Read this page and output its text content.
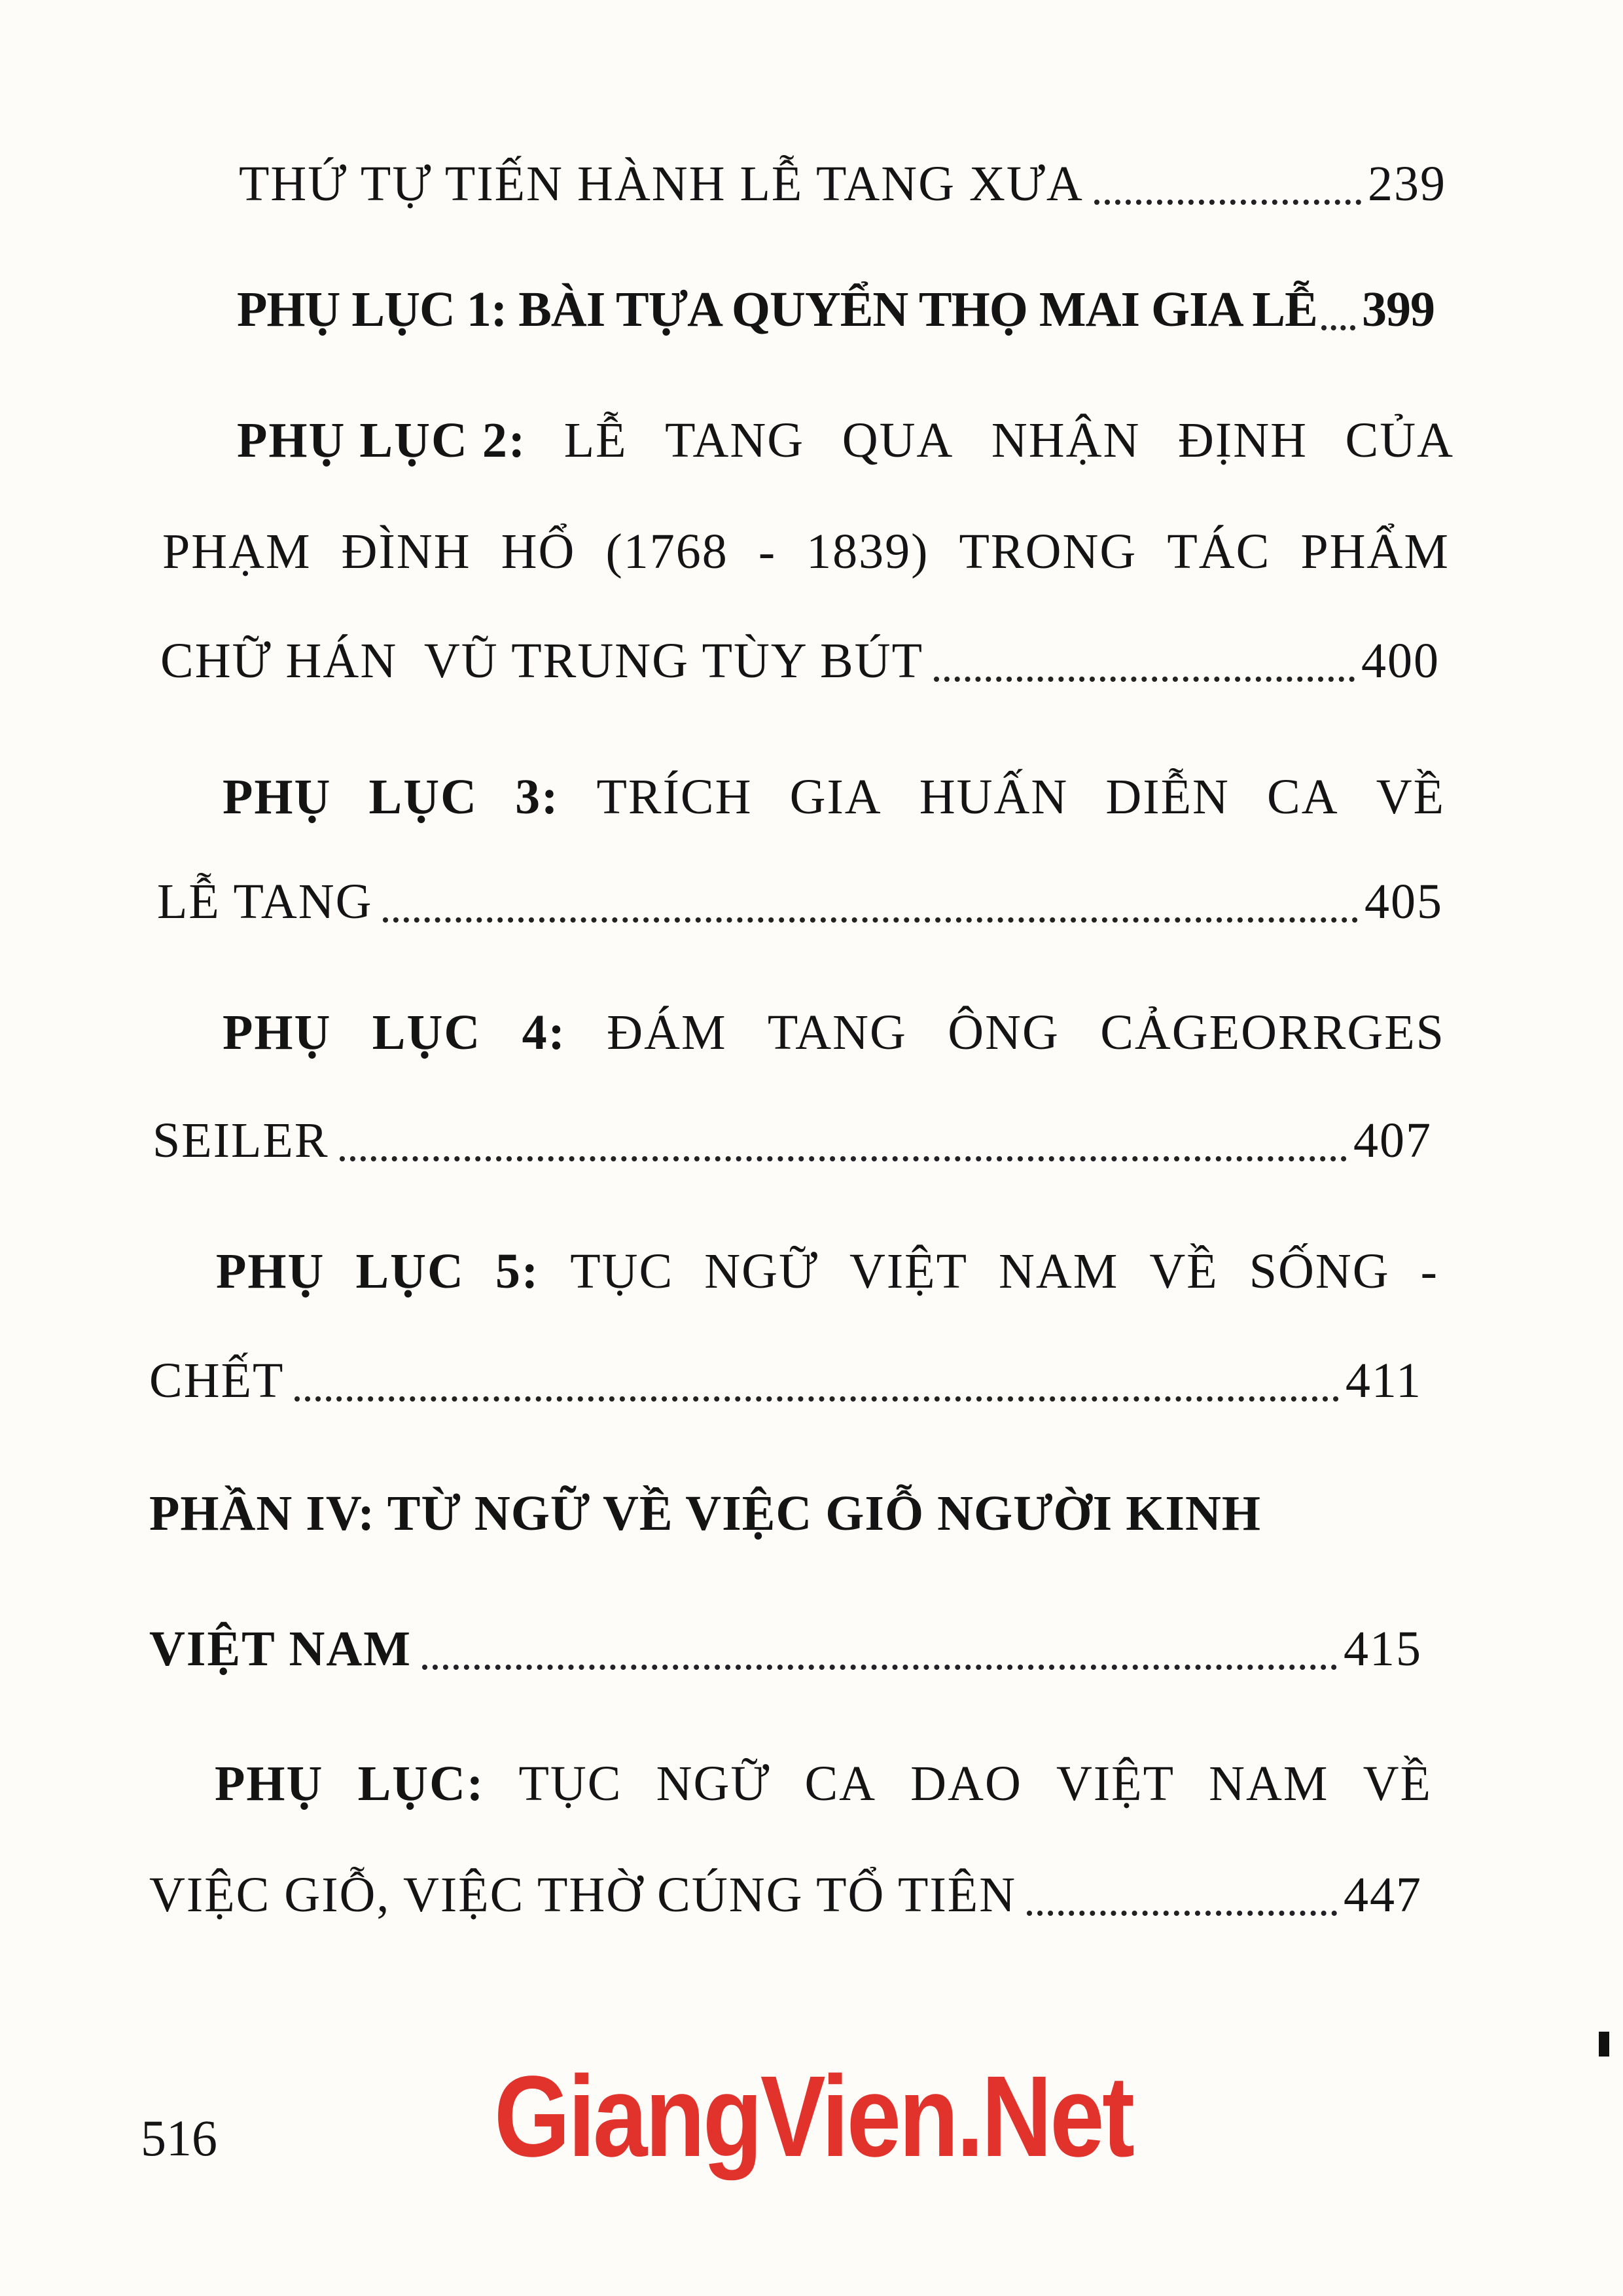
THỨ TỰ TIẾN HÀNH LỄ TANG XƯA	239
PHỤ LỤC 1: BÀI TỰA QUYỂN THỌ MAI GIA LỄ 399
PHỤ LỤC 2: LỄ TANG QUA NHẬN ĐỊNH CỦA
PHẠM ĐÌNH HỔ (1768 - 1839) TRONG TÁC PHẨM
CHỮ HÁN  VŨ TRUNG TÙY BÚT	400
PHỤ LỤC 3: TRÍCH GIA HUẤN DIỄN CA VỀ
LỄ TANG	405
PHỤ LỤC 4: ĐÁM TANG ÔNG CẢGEORRGES
SEILER	407
PHỤ LỤC 5: TỤC NGỮ VIỆT NAM VỀ SỐNG -
CHẾT	411
PHẦN IV: TỪ NGỮ VỀ VIỆC GIỖ NGƯỜI KINH
VIỆT NAM	415
PHỤ LỤC: TỤC NGỮ CA DAO VIỆT NAM VỀ
VIỆC GIỖ, VIỆC THỜ CÚNG TỔ TIÊN	447
516 GiangVien.Net
